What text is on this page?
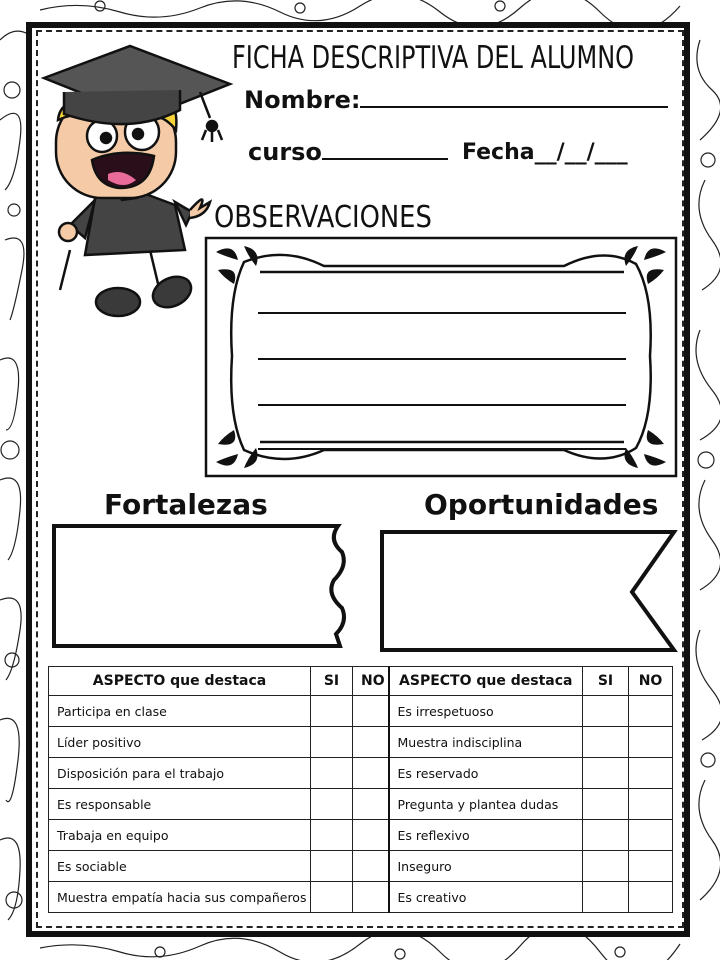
FICHA DESCRIPTIVA DEL ALUMNO
Nombre:
curso	Fecha__/__/___
OBSERVACIONES
Fortalezas	Oportunidades
ASPECTO que destaca	SI	NO	ASPECTO que destaca	SI	NO
Participa en clase			Es irrespetuoso		
Líder positivo			Muestra indisciplina		
Disposición para el trabajo			Es reservado		
Es responsable			Pregunta y plantea dudas		
Trabaja en equipo			Es reflexivo		
Es sociable			Inseguro		
Muestra empatía hacia sus compañeros			Es creativo		
